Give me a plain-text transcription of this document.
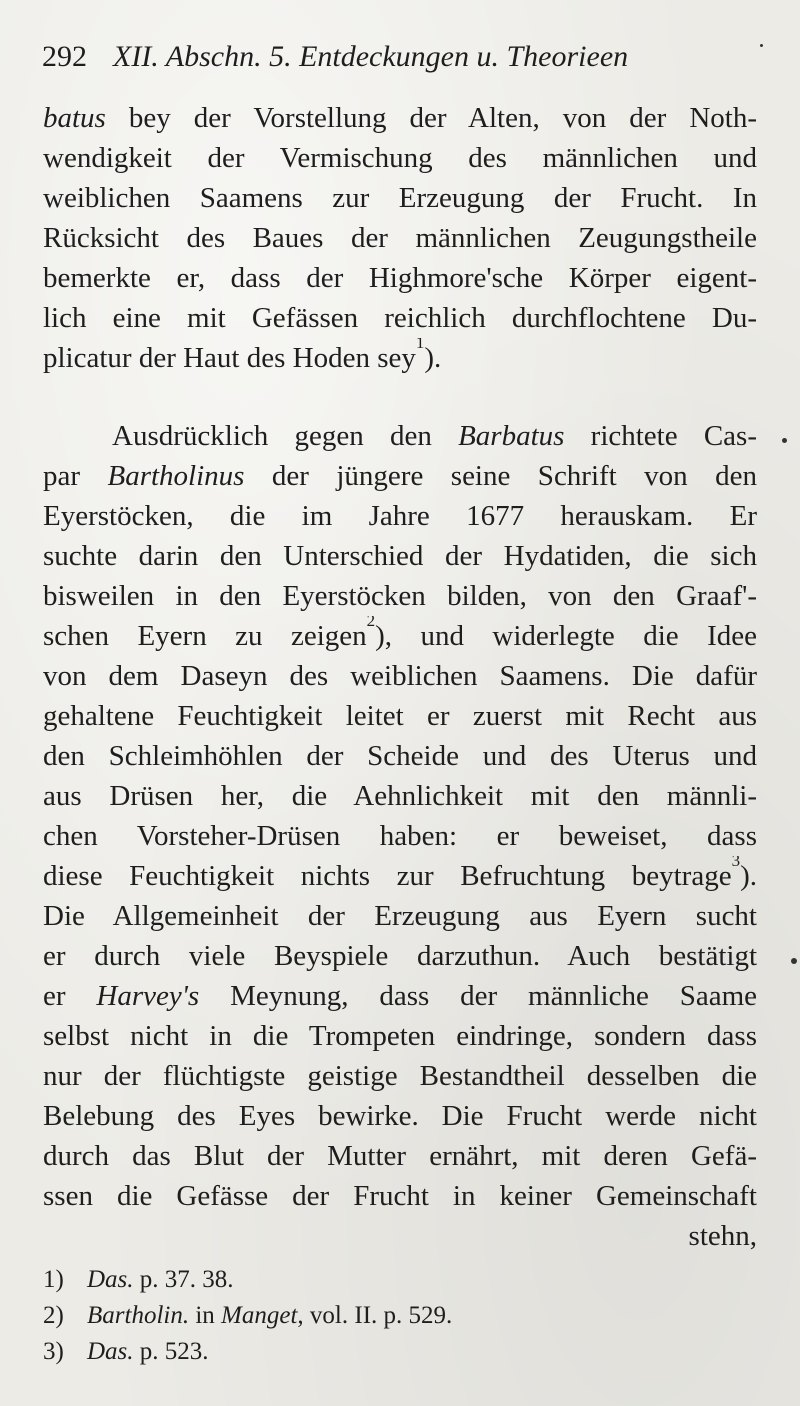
292 XII. Abschn. 5. Entdeckungen u. Theorieen
batus bey der Vorstellung der Alten, von der Noth-
wendigkeit der Vermischung des männlichen und
weiblichen Saamens zur Erzeugung der Frucht. In
Rücksicht des Baues der männlichen Zeugungstheile
bemerkte er, dass der Highmore'sche Körper eigent-
lich eine mit Gefässen reichlich durchflochtene Du-
plicatur der Haut des Hoden sey$^1$).
Ausdrücklich gegen den Barbatus richtete Cas-
par Bartholinus der jüngere seine Schrift von den
Eyerstöcken, die im Jahre 1677 herauskam. Er
suchte darin den Unterschied der Hydatiden, die sich
bisweilen in den Eyerstöcken bilden, von den Graaf'-
schen Eyern zu zeigen$^2$), und widerlegte die Idee
von dem Daseyn des weiblichen Saamens. Die dafür
gehaltene Feuchtigkeit leitet er zuerst mit Recht aus
den Schleimhöhlen der Scheide und des Uterus und
aus Drüsen her, die Aehnlichkeit mit den männli-
chen Vorsteher-Drüsen haben: er beweiset, dass
diese Feuchtigkeit nichts zur Befruchtung beytrage$^3$).
Die Allgemeinheit der Erzeugung aus Eyern sucht
er durch viele Beyspiele darzuthun. Auch bestätigt
er Harvey's Meynung, dass der männliche Saame
selbst nicht in die Trompeten eindringe, sondern dass
nur der flüchtigste geistige Bestandtheil desselben die
Belebung des Eyes bewirke. Die Frucht werde nicht
durch das Blut der Mutter ernährt, mit deren Gefä-
ssen die Gefässe der Frucht in keiner Gemeinschaft
stehn,
1) Das. p. 37. 38.
2) Bartholin. in Manget, vol. II. p. 529.
3) Das. p. 523.
